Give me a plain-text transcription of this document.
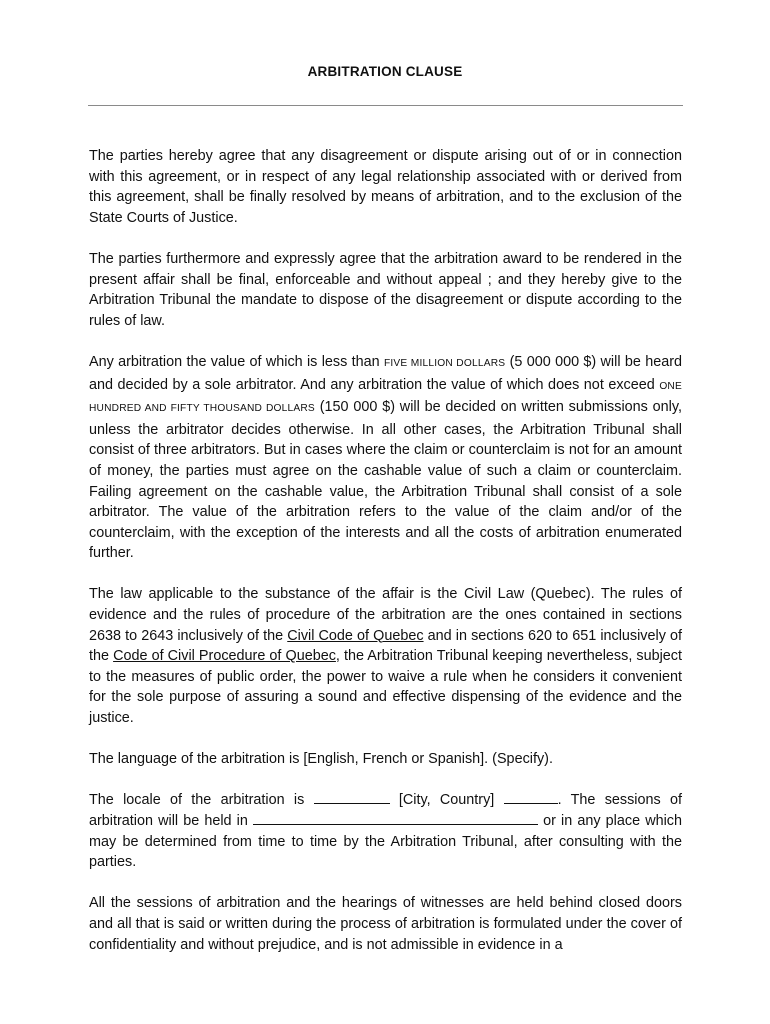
ARBITRATION CLAUSE

The parties hereby agree that any disagreement or dispute arising out of or in connection with this agreement, or in respect of any legal relationship associated with or derived from this agreement, shall be finally resolved by means of arbitration, and to the exclusion of the State Courts of Justice.

The parties furthermore and expressly agree that the arbitration award to be rendered in the present affair shall be final, enforceable and without appeal ; and they hereby give to the Arbitration Tribunal the mandate to dispose of the disagreement or dispute according to the rules of law.

Any arbitration the value of which is less than FIVE MILLION DOLLARS (5 000 000 $) will be heard and decided by a sole arbitrator. And any arbitration the value of which does not exceed ONE HUNDRED AND FIFTY THOUSAND DOLLARS (150 000 $) will be decided on written submissions only, unless the arbitrator decides otherwise. In all other cases, the Arbitration Tribunal shall consist of three arbitrators. But in cases where the claim or counterclaim is not for an amount of money, the parties must agree on the cashable value of such a claim or counterclaim. Failing agreement on the cashable value, the Arbitration Tribunal shall consist of a sole arbitrator. The value of the arbitration refers to the value of the claim and/or of the counterclaim, with the exception of the interests and all the costs of arbitration enumerated further.

The law applicable to the substance of the affair is the Civil Law (Quebec). The rules of evidence and the rules of procedure of the arbitration are the ones contained in sections 2638 to 2643 inclusively of the Civil Code of Quebec and in sections 620 to 651 inclusively of the Code of Civil Procedure of Quebec, the Arbitration Tribunal keeping nevertheless, subject to the measures of public order, the power to waive a rule when he considers it convenient for the sole purpose of assuring a sound and effective dispensing of the evidence and the justice.

The language of the arbitration is [English, French or Spanish]. (Specify).

The locale of the arbitration is	[City, Country]	. The sessions of arbitration will be held in	or in any place which may be determined from time to time by the Arbitration Tribunal, after consulting with the parties.

All the sessions of arbitration and the hearings of witnesses are held behind closed doors and all that is said or written during the process of arbitration is formulated under the cover of confidentiality and without prejudice, and is not admissible in evidence in a
